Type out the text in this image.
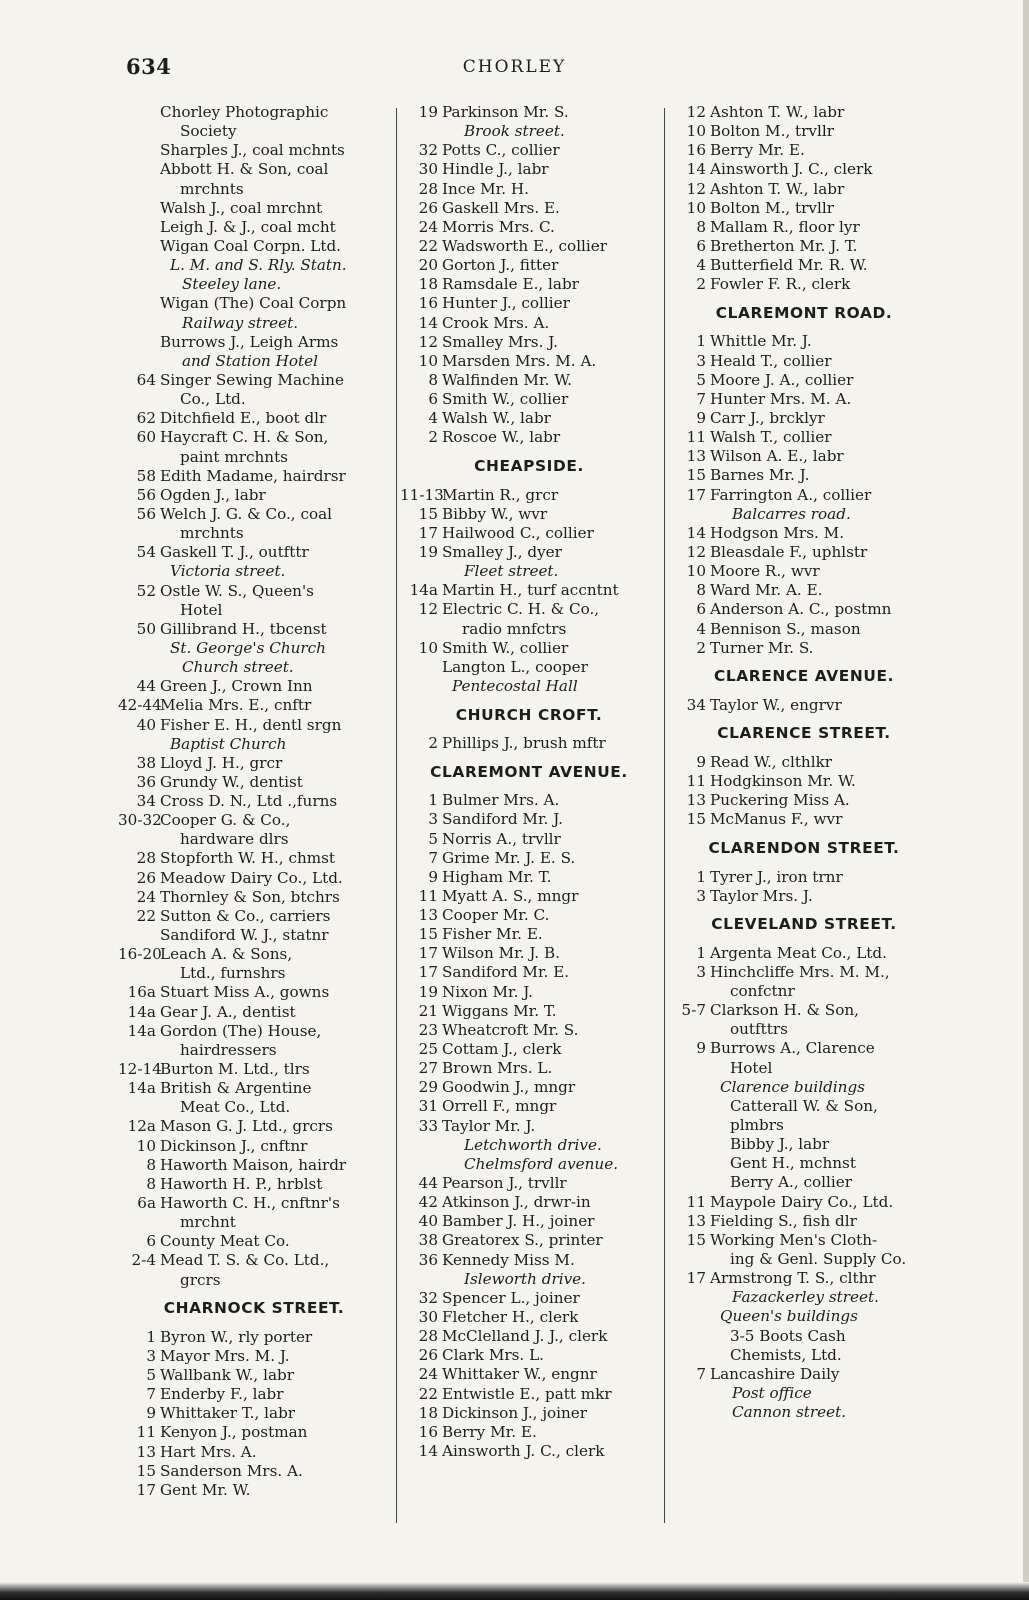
634	CHORLEY
Chorley Photographic
Society
Sharples J., coal mchnts
Abbott H. & Son, coal
mrchnts
Walsh J., coal mrchnt
Leigh J. & J., coal mcht
Wigan Coal Corpn. Ltd.
L. M. and S. Rly. Statn.
Steeley lane.
Wigan (The) Coal Corpn
Railway street.
Burrows J., Leigh Arms
and Station Hotel
64 Singer Sewing Machine
Co., Ltd.
62 Ditchfield E., boot dlr
60 Haycraft C. H. & Son,
paint mrchnts
58 Edith Madame, hairdrsr
56 Ogden J., labr
56 Welch J. G. & Co., coal
mrchnts
54 Gaskell T. J., outfttr
Victoria street.
52 Ostle W. S., Queen's
Hotel
50 Gillibrand H., tbcenst
St. George's Church
Church street.
44 Green J., Crown Inn
42-44
Melia Mrs. E., cnftr
40 Fisher E. H., dentl srgn
Baptist Church
38 Lloyd J. H., grcr
36 Grundy W., dentist
34 Cross D. N., Ltd .,furns
30-32
Cooper G. & Co.,
hardware dlrs
28 Stopforth W. H., chmst
26 Meadow Dairy Co., Ltd.
24 Thornley & Son, btchrs
22 Sutton & Co., carriers
Sandiford W. J., statnr
16-20
Leach A. & Sons,
Ltd., furnshrs
16a Stuart Miss A., gowns
14a Gear J. A., dentist
14a Gordon (The) House,
hairdressers
12-14
Burton M. Ltd., tlrs
14a British & Argentine
Meat Co., Ltd.
12a Mason G. J. Ltd., grcrs
10 Dickinson J., cnftnr
8 Haworth Maison, hairdr
8 Haworth H. P., hrblst
6a Haworth C. H., cnftnr's
mrchnt
6 County Meat Co.
2-4 Mead T. S. & Co. Ltd.,
grcrs
CHARNOCK STREET.
1 Byron W., rly porter
3 Mayor Mrs. M. J.
5 Wallbank W., labr
7 Enderby F., labr
9 Whittaker T., labr
11 Kenyon J., postman
13 Hart Mrs. A.
15 Sanderson Mrs. A.
17 Gent Mr. W.
19 Parkinson Mr. S.
Brook street.
32 Potts C., collier
30 Hindle J., labr
28 Ince Mr. H.
26 Gaskell Mrs. E.
24 Morris Mrs. C.
22 Wadsworth E., collier
20 Gorton J., fitter
18 Ramsdale E., labr
16 Hunter J., collier
14 Crook Mrs. A.
12 Smalley Mrs. J.
10 Marsden Mrs. M. A.
8 Walfinden Mr. W.
6 Smith W., collier
4 Walsh W., labr
2 Roscoe W., labr
CHEAPSIDE.
11-13
Martin R., grcr
15 Bibby W., wvr
17 Hailwood C., collier
19 Smalley J., dyer
Fleet street.
14a Martin H., turf accntnt
12 Electric C. H. & Co.,
radio mnfctrs
10 Smith W., collier
Langton L., cooper
Pentecostal Hall
CHURCH CROFT.
2 Phillips J., brush mftr
CLAREMONT AVENUE.
1 Bulmer Mrs. A.
3 Sandiford Mr. J.
5 Norris A., trvllr
7 Grime Mr. J. E. S.
9 Higham Mr. T.
11 Myatt A. S., mngr
13 Cooper Mr. C.
15 Fisher Mr. E.
17 Wilson Mr. J. B.
17 Sandiford Mr. E.
19 Nixon Mr. J.
21 Wiggans Mr. T.
23 Wheatcroft Mr. S.
25 Cottam J., clerk
27 Brown Mrs. L.
29 Goodwin J., mngr
31 Orrell F., mngr
33 Taylor Mr. J.
Letchworth drive.
Chelmsford avenue.
44 Pearson J., trvllr
42 Atkinson J., drwr-in
40 Bamber J. H., joiner
38 Greatorex S., printer
36 Kennedy Miss M.
Isleworth drive.
32 Spencer L., joiner
30 Fletcher H., clerk
28 McClelland J. J., clerk
26 Clark Mrs. L.
24 Whittaker W., engnr
22 Entwistle E., patt mkr
18 Dickinson J., joiner
16 Berry Mr. E.
14 Ainsworth J. C., clerk
12 Ashton T. W., labr
10 Bolton M., trvllr
16 Berry Mr. E.
14 Ainsworth J. C., clerk
12 Ashton T. W., labr
10 Bolton M., trvllr
8 Mallam R., floor lyr
6 Bretherton Mr. J. T.
4 Butterfield Mr. R. W.
2 Fowler F. R., clerk
CLAREMONT ROAD.
1 Whittle Mr. J.
3 Heald T., collier
5 Moore J. A., collier
7 Hunter Mrs. M. A.
9 Carr J., brcklyr
11 Walsh T., collier
13 Wilson A. E., labr
15 Barnes Mr. J.
17 Farrington A., collier
Balcarres road.
14 Hodgson Mrs. M.
12 Bleasdale F., uphlstr
10 Moore R., wvr
8 Ward Mr. A. E.
6 Anderson A. C., postmn
4 Bennison S., mason
2 Turner Mr. S.
CLARENCE AVENUE.
34 Taylor W., engrvr
CLARENCE STREET.
9 Read W., clthlkr
11 Hodgkinson Mr. W.
13 Puckering Miss A.
15 McManus F., wvr
CLARENDON STREET.
1 Tyrer J., iron trnr
3 Taylor Mrs. J.
CLEVELAND STREET.
1 Argenta Meat Co., Ltd.
3 Hinchcliffe Mrs. M. M.,
confctnr
5-7 Clarkson H. & Son,
outfttrs
9 Burrows A., Clarence
Hotel
Clarence buildings
Catterall W. & Son,
plmbrs
Bibby J., labr
Gent H., mchnst
Berry A., collier
11 Maypole Dairy Co., Ltd.
13 Fielding S., fish dlr
15 Working Men's Cloth-
ing & Genl. Supply Co.
17 Armstrong T. S., clthr
Fazackerley street.
Queen's buildings
3-5 Boots Cash
Chemists, Ltd.
7 Lancashire Daily
Post office
Cannon street.
